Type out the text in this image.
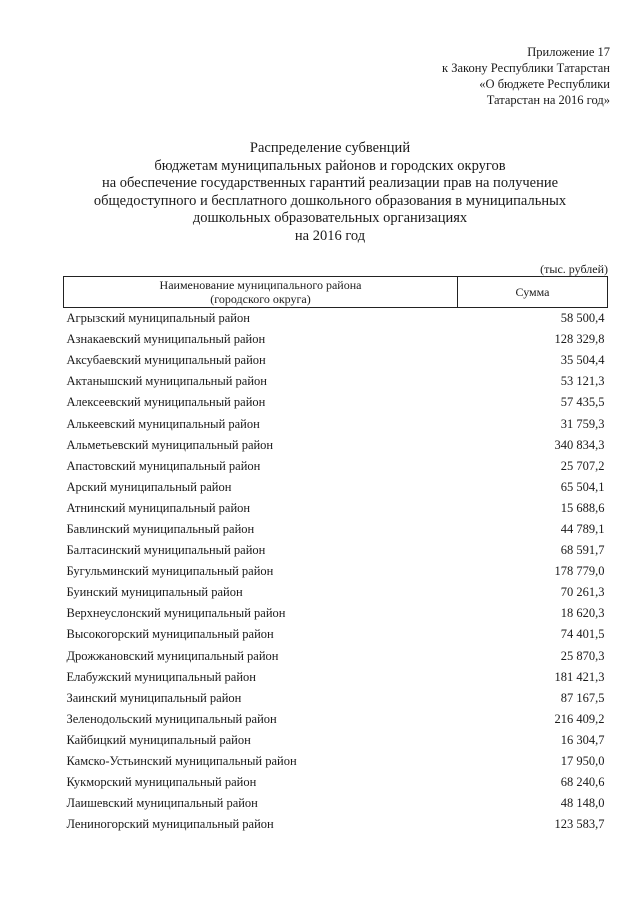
Приложение 17
к Закону Республики Татарстан
«О бюджете Республики
Татарстан на 2016 год»
Распределение субвенций
бюджетам муниципальных районов и городских округов
на обеспечение государственных гарантий реализации прав на получение
общедоступного и бесплатного дошкольного образования в муниципальных
дошкольных образовательных организациях
на 2016 год
(тыс. рублей)
Наименование муниципального района
(городского округа)	Сумма
Агрызский муниципальный район	58 500,4
Азнакаевский муниципальный район	128 329,8
Аксубаевский муниципальный район	35 504,4
Актанышский муниципальный район	53 121,3
Алексеевский муниципальный район	57 435,5
Алькеевский муниципальный район	31 759,3
Альметьевский муниципальный район	340 834,3
Апастовский муниципальный район	25 707,2
Арский муниципальный район	65 504,1
Атнинский муниципальный район	15 688,6
Бавлинский муниципальный район	44 789,1
Балтасинский муниципальный район	68 591,7
Бугульминский муниципальный район	178 779,0
Буинский муниципальный район	70 261,3
Верхнеуслонский муниципальный район	18 620,3
Высокогорский муниципальный район	74 401,5
Дрожжановский муниципальный район	25 870,3
Елабужский муниципальный район	181 421,3
Заинский муниципальный район	87 167,5
Зеленодольский муниципальный район	216 409,2
Кайбицкий муниципальный район	16 304,7
Камско-Устьинский муниципальный район	17 950,0
Кукморский муниципальный район	68 240,6
Лаишевский муниципальный район	48 148,0
Лениногорский муниципальный район	123 583,7
